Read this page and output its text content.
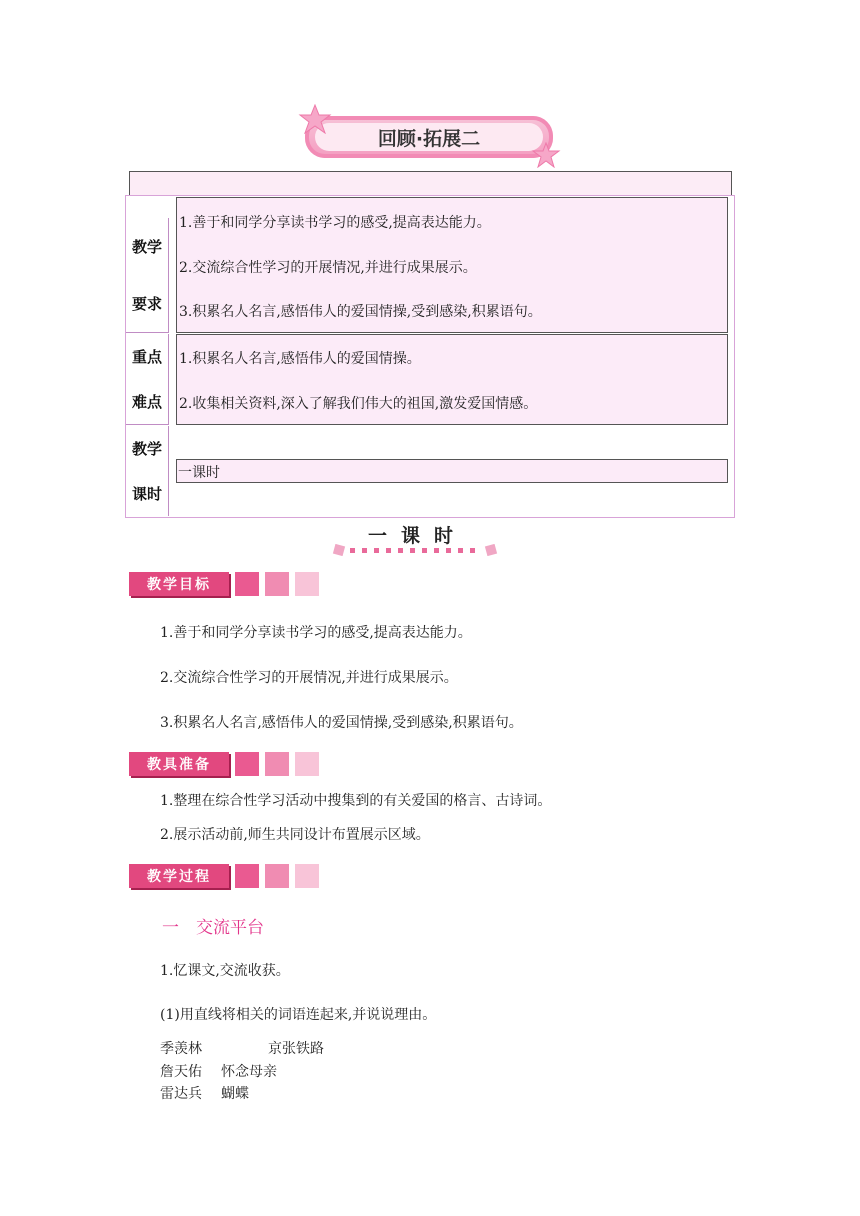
回顾·拓展二
教学
要求
1.善于和同学分享读书学习的感受,提高表达能力。
2.交流综合性学习的开展情况,并进行成果展示。
3.积累名人名言,感悟伟人的爱国情操,受到感染,积累语句。
重点
难点
1.积累名人名言,感悟伟人的爱国情操。
2.收集相关资料,深入了解我们伟大的祖国,激发爱国情感。
教学
课时
一课时
一课时
教学目标
1.善于和同学分享读书学习的感受,提高表达能力。
2.交流综合性学习的开展情况,并进行成果展示。
3.积累名人名言,感悟伟人的爱国情操,受到感染,积累语句。
教具准备
1.整理在综合性学习活动中搜集到的有关爱国的格言、古诗词。
2.展示活动前,师生共同设计布置展示区域。
教学过程
一　交流平台
1.忆课文,交流收获。
(1)用直线将相关的词语连起来,并说说理由。
季羡林	京张铁路
詹天佑 怀念母亲
雷达兵 蝴蝶
